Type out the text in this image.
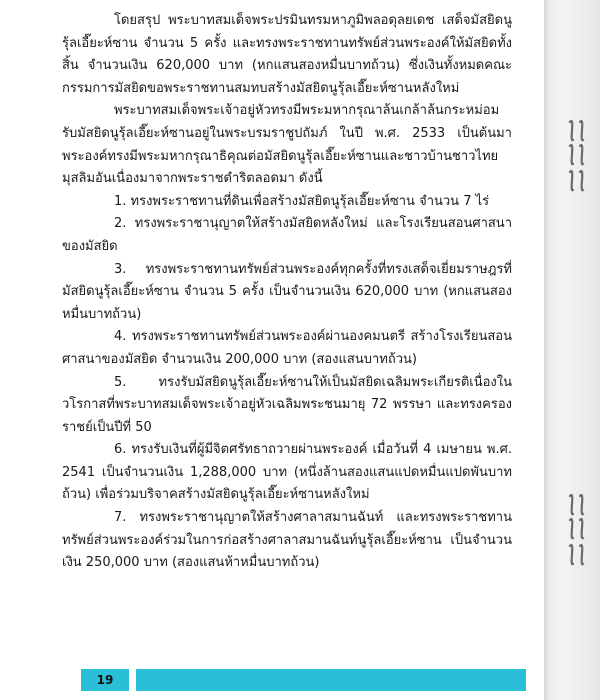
โดยสรุป พระบาทสมเด็จพระปรมินทรมหาภูมิพลอดุลยเดช เสด็จมัสยิดนูรุ้ลเอี๊ยะห์ซาน จำนวน 5 ครั้ง และทรงพระราชทานทรัพย์ส่วนพระองค์ให้มัสยิดทั้งสิ้น จำนวนเงิน 620,000 บาท (หกแสนสองหมื่นบาทถ้วน) ซึ่งเงินทั้งหมดคณะกรรมการมัสยิดขอพระราชทานสมทบสร้างมัสยิดนูรุ้ลเอี๊ยะห์ซานหลังใหม่

พระบาทสมเด็จพระเจ้าอยู่หัวทรงมีพระมหากรุณาล้นเกล้าล้นกระหม่อมรับมัสยิดนูรุ้ลเอี๊ยะห์ซานอยู่ในพระบรมราชูปถัมภ์ ในปี พ.ศ. 2533 เป็นต้นมา พระองค์ทรงมีพระมหากรุณาธิคุณต่อมัสยิดนูรุ้ลเอี๊ยะห์ซานและชาวบ้านชาวไทยมุสลิมอันเนื่องมาจากพระราชดำริตลอดมา ดังนี้

1. ทรงพระราชทานที่ดินเพื่อสร้างมัสยิดนูรุ้ลเอี๊ยะห์ซาน จำนวน 7 ไร่

2. ทรงพระราชานุญาตให้สร้างมัสยิดหลังใหม่ และโรงเรียนสอนศาสนาของมัสยิด

3. ทรงพระราชทานทรัพย์ส่วนพระองค์ทุกครั้งที่ทรงเสด็จเยี่ยมราษฎรที่มัสยิดนูรุ้ลเอี๊ยะห์ซาน จำนวน 5 ครั้ง เป็นจำนวนเงิน 620,000 บาท (หกแสนสองหมื่นบาทถ้วน)

4. ทรงพระราชทานทรัพย์ส่วนพระองค์ผ่านองคมนตรี สร้างโรงเรียนสอนศาสนาของมัสยิด จำนวนเงิน 200,000 บาท (สองแสนบาทถ้วน)

5. ทรงรับมัสยิดนูรุ้ลเอี๊ยะห์ซานให้เป็นมัสยิดเฉลิมพระเกียรติเนื่องในวโรกาสที่พระบาทสมเด็จพระเจ้าอยู่หัวเฉลิมพระชนมายุ 72 พรรษา และทรงครองราชย์เป็นปีที่ 50

6. ทรงรับเงินที่ผู้มีจิตศรัทธาถวายผ่านพระองค์ เมื่อวันที่ 4 เมษายน พ.ศ. 2541 เป็นจำนวนเงิน 1,288,000 บาท (หนึ่งล้านสองแสนแปดหมื่นแปดพันบาทถ้วน) เพื่อร่วมบริจาคสร้างมัสยิดนูรุ้ลเอี๊ยะห์ซานหลังใหม่

7. ทรงพระราชานุญาตให้สร้างศาลาสมานฉันท์ และทรงพระราชทานทรัพย์ส่วนพระองค์ร่วมในการก่อสร้างศาลาสมานฉันท์นูรุ้ลเอี๊ยะห์ซาน เป็นจำนวนเงิน 250,000 บาท (สองแสนห้าหมื่นบาทถ้วน)

19
